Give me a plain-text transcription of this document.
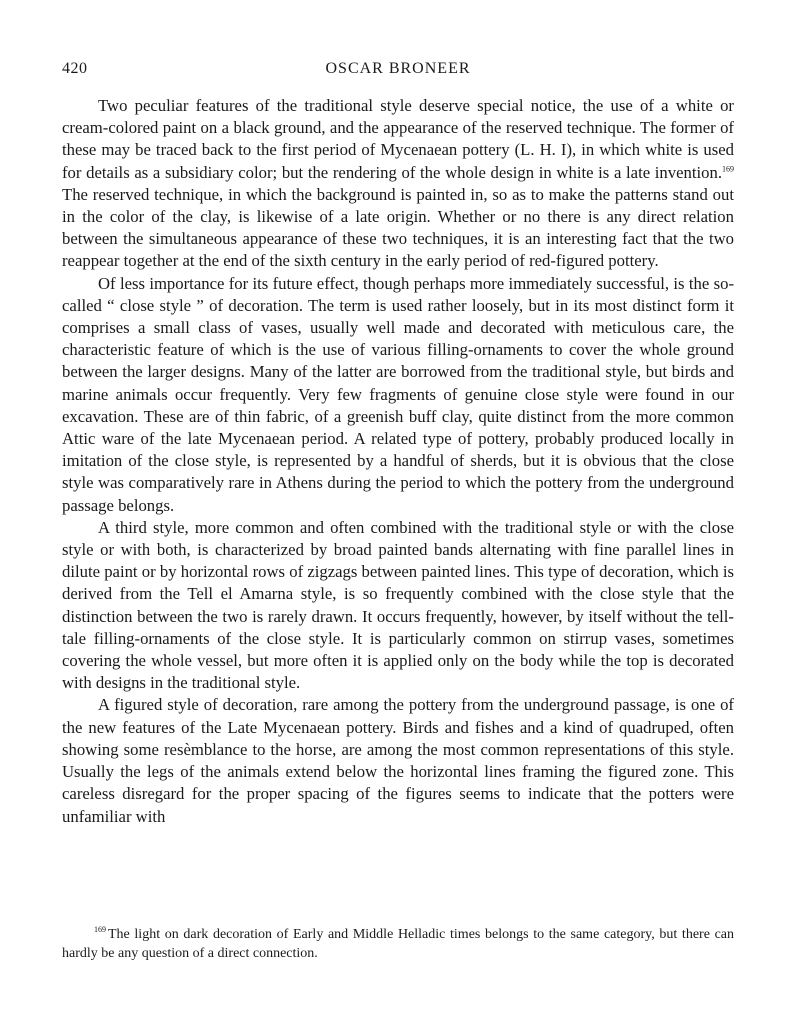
420	OSCAR BRONEER

Two peculiar features of the traditional style deserve special notice, the use of a white or cream-colored paint on a black ground, and the appearance of the reserved technique. The former of these may be traced back to the first period of Mycenaean pottery (L. H. I), in which white is used for details as a subsidiary color; but the rendering of the whole design in white is a late invention.$^{169}$ The reserved technique, in which the background is painted in, so as to make the patterns stand out in the color of the clay, is likewise of a late origin. Whether or no there is any direct relation between the simultaneous appearance of these two techniques, it is an interesting fact that the two reappear together at the end of the sixth century in the early period of red-figured pottery.

Of less importance for its future effect, though perhaps more immediately successful, is the so-called “ close style ” of decoration. The term is used rather loosely, but in its most distinct form it comprises a small class of vases, usually well made and decorated with meticulous care, the characteristic feature of which is the use of various filling-ornaments to cover the whole ground between the larger designs. Many of the latter are borrowed from the traditional style, but birds and marine animals occur frequently. Very few fragments of genuine close style were found in our excavation. These are of thin fabric, of a greenish buff clay, quite distinct from the more common Attic ware of the late Mycenaean period. A related type of pottery, probably produced locally in imitation of the close style, is represented by a handful of sherds, but it is obvious that the close style was comparatively rare in Athens during the period to which the pottery from the underground passage belongs.

A third style, more common and often combined with the traditional style or with the close style or with both, is characterized by broad painted bands alternating with fine parallel lines in dilute paint or by horizontal rows of zigzags between painted lines. This type of decoration, which is derived from the Tell el Amarna style, is so frequently combined with the close style that the distinction between the two is rarely drawn. It occurs frequently, however, by itself without the tell-tale filling-ornaments of the close style. It is particularly common on stirrup vases, sometimes covering the whole vessel, but more often it is applied only on the body while the top is decorated with designs in the traditional style.

A figured style of decoration, rare among the pottery from the underground passage, is one of the new features of the Late Mycenaean pottery. Birds and fishes and a kind of quadruped, often showing some resèmblance to the horse, are among the most common representations of this style. Usually the legs of the animals extend below the horizontal lines framing the figured zone. This careless disregard for the proper spacing of the figures seems to indicate that the potters were unfamiliar with

$^{169}$ The light on dark decoration of Early and Middle Helladic times belongs to the same category, but there can hardly be any question of a direct connection.
